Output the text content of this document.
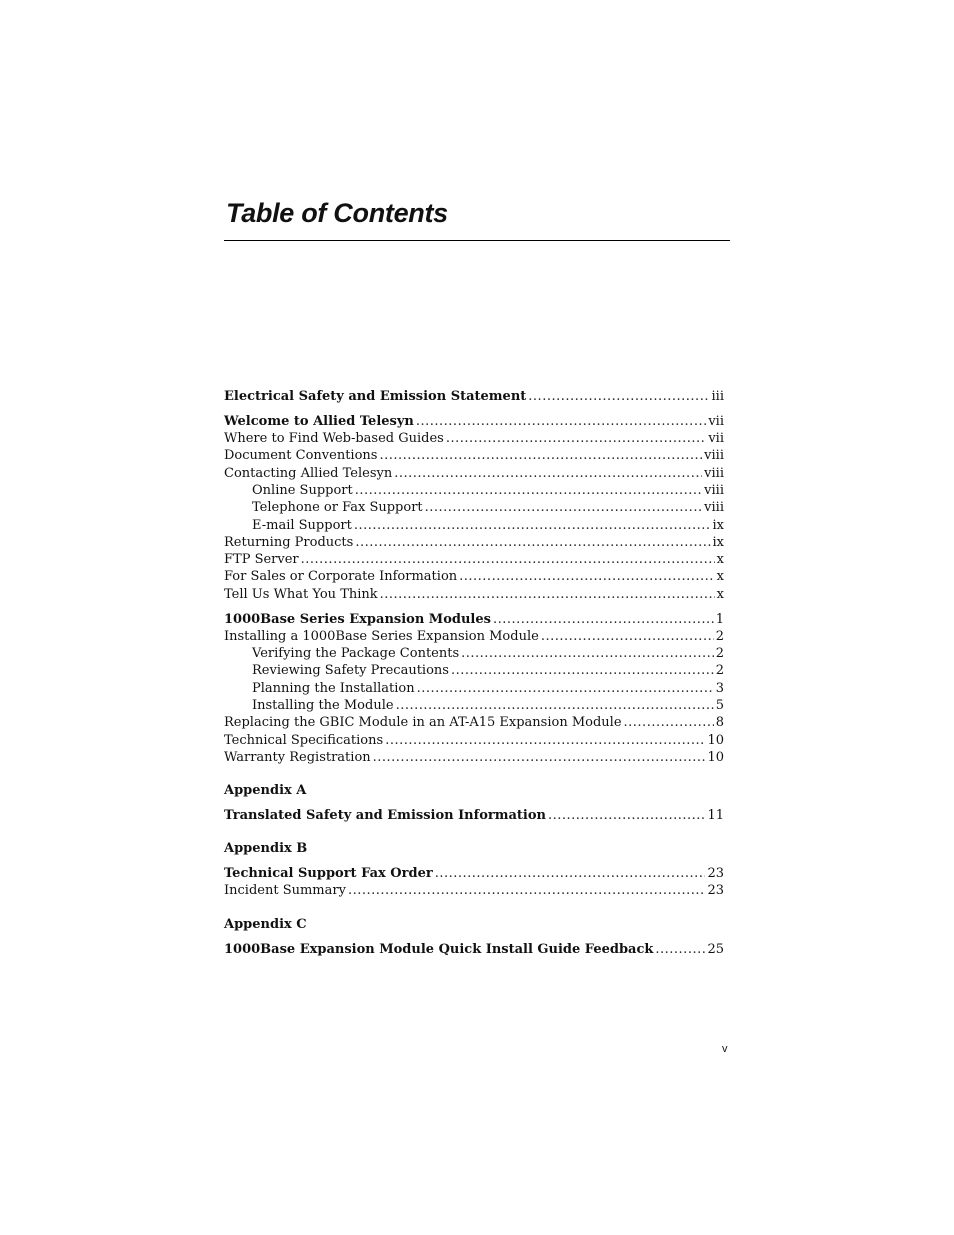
Table of Contents
Electrical Safety and Emission Statement .....	iii
Welcome to Allied Telesyn .....	vii
Where to Find Web-based Guides .....	vii
Document Conventions .....	viii
Contacting Allied Telesyn .....	viii
Online Support .....	viii
Telephone or Fax Support .....	viii
E-mail Support .....	ix
Returning Products .....	ix
FTP Server .....	x
For Sales or Corporate Information .....	x
Tell Us What You Think .....	x
1000Base Series Expansion Modules .....	1
Installing a 1000Base Series Expansion Module .....	2
Verifying the Package Contents .....	2
Reviewing Safety Precautions .....	2
Planning the Installation .....	3
Installing the Module .....	5
Replacing the GBIC Module in an AT-A15 Expansion Module .....	8
Technical Specifications .....	10
Warranty Registration .....	10
Appendix A
Translated Safety and Emission Information .....	11
Appendix B
Technical Support Fax Order .....	23
Incident Summary .....	23
Appendix C
1000Base Expansion Module Quick Install Guide Feedback .....	25
v
